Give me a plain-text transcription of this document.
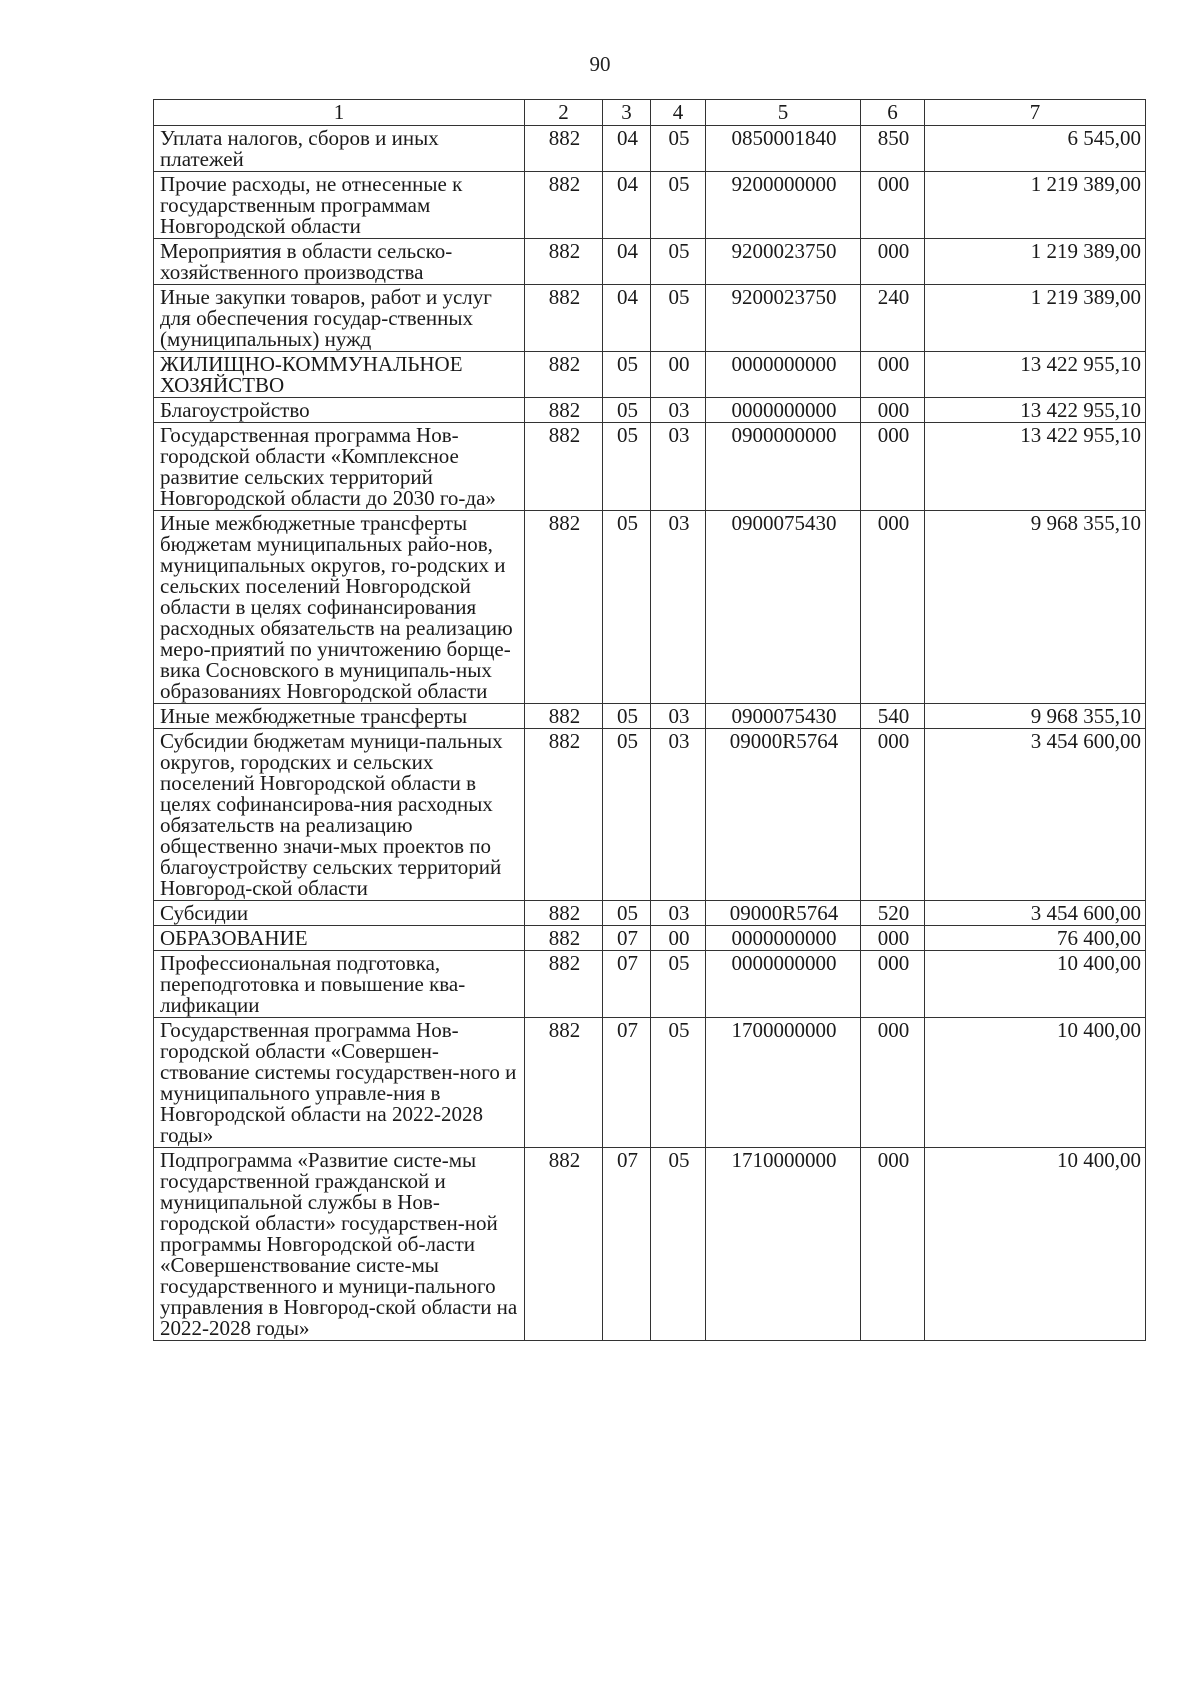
90
1	2	3	4	5	6	7
Уплата налогов, сборов и иных платежей	882	04	05	0850001840	850	6 545,00
Прочие расходы, не отнесенные к государственным программам Новгородской области	882	04	05	9200000000	000	1 219 389,00
Мероприятия в области сельско-хозяйственного производства	882	04	05	9200023750	000	1 219 389,00
Иные закупки товаров, работ и услуг для обеспечения государ-ственных (муниципальных) нужд	882	04	05	9200023750	240	1 219 389,00
ЖИЛИЩНО-КОММУНАЛЬНОЕ ХОЗЯЙСТВО	882	05	00	0000000000	000	13 422 955,10
Благоустройство	882	05	03	0000000000	000	13 422 955,10
Государственная программа Нов-городской области «Комплексное развитие сельских территорий Новгородской области до 2030 го-да»	882	05	03	0900000000	000	13 422 955,10
Иные межбюджетные трансферты бюджетам муниципальных райо-нов, муниципальных округов, го-родских и сельских поселений Новгородской области в целях софинансирования расходных обязательств на реализацию меро-приятий по уничтожению борще-вика Сосновского в муниципаль-ных образованиях Новгородской области	882	05	03	0900075430	000	9 968 355,10
Иные межбюджетные трансферты	882	05	03	0900075430	540	9 968 355,10
Субсидии бюджетам муници-пальных округов, городских и сельских поселений Новгородской области в целях софинансирова-ния расходных обязательств на реализацию общественно значи-мых проектов по благоустройству сельских территорий Новгород-ской области	882	05	03	09000R5764	000	3 454 600,00
Субсидии	882	05	03	09000R5764	520	3 454 600,00
ОБРАЗОВАНИЕ	882	07	00	0000000000	000	76 400,00
Профессиональная подготовка, переподготовка и повышение ква-лификации	882	07	05	0000000000	000	10 400,00
Государственная программа Нов-городской области «Совершен-ствование системы государствен-ного и муниципального управле-ния в Новгородской области на 2022-2028 годы»	882	07	05	1700000000	000	10 400,00
Подпрограмма «Развитие систе-мы государственной гражданской и муниципальной службы в Нов-городской области» государствен-ной программы Новгородской об-ласти «Совершенствование систе-мы государственного и муници-пального управления в Новгород-ской области на 2022-2028 годы»	882	07	05	1710000000	000	10 400,00
